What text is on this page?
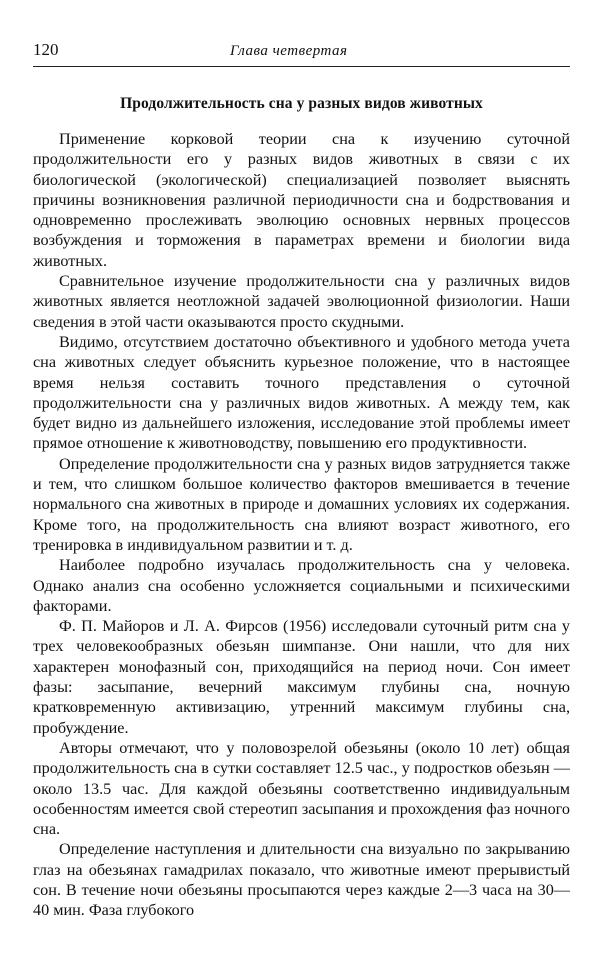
120	Глава четвертая
Продолжительность сна у разных видов животных

Применение корковой теории сна к изучению суточной продолжительности его у разных видов животных в связи с их биологической (экологической) специализацией позволяет выяснять причины возникновения различной периодичности сна и бодрствования и одновременно прослеживать эволюцию основных нервных процессов возбуждения и торможения в параметрах времени и биологии вида животных.

Сравнительное изучение продолжительности сна у различных видов животных является неотложной задачей эволюционной физиологии. Наши сведения в этой части оказываются просто скудными.

Видимо, отсутствием достаточно объективного и удобного метода учета сна животных следует объяснить курьезное положение, что в настоящее время нельзя составить точного представления о суточной продолжительности сна у различных видов животных. А между тем, как будет видно из дальнейшего изложения, исследование этой проблемы имеет прямое отношение к животноводству, повышению его продуктивности.

Определение продолжительности сна у разных видов затрудняется также и тем, что слишком большое количество факторов вмешивается в течение нормального сна животных в природе и домашних условиях их содержания. Кроме того, на продолжительность сна влияют возраст животного, его тренировка в индивидуальном развитии и т. д.

Наиболее подробно изучалась продолжительность сна у человека. Однако анализ сна особенно усложняется социальными и психическими факторами.

Ф. П. Майоров и Л. А. Фирсов (1956) исследовали суточный ритм сна у трех человекообразных обезьян шимпанзе. Они нашли, что для них характерен монофазный сон, приходящийся на период ночи. Сон имеет фазы: засыпание, вечерний максимум глубины сна, ночную кратковременную активизацию, утренний максимум глубины сна, пробуждение.

Авторы отмечают, что у половозрелой обезьяны (около 10 лет) общая продолжительность сна в сутки составляет 12.5 час., у подростков обезьян — около 13.5 час. Для каждой обезьяны соответственно индивидуальным особенностям имеется свой стереотип засыпания и прохождения фаз ночного сна.

Определение наступления и длительности сна визуально по закрыванию глаз на обезьянах гамадрилах показало, что животные имеют прерывистый сон. В течение ночи обезьяны просыпаются через каждые 2—3 часа на 30—40 мин. Фаза глубокого
